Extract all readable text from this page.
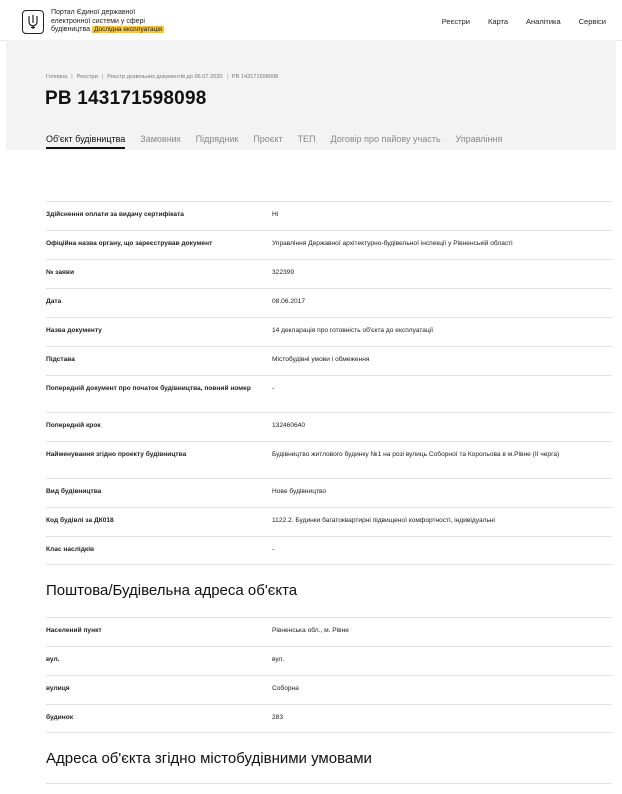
Портал Єдиної державної
електронної системи у сфері
будівництва Дослідна експлуатація
Реєстри Карта Аналітика Сервіси
Головна | Реєстри | Реєстр дозвільних документів до 06.07.2020 | РВ 143171598098
РВ 143171598098
Об'єкт будівництва Замовник Підрядник Проєкт ТЕП Договір про пайову участь Управління
Здійснення оплати за видачу сертифіката	Ні
Офіційна назва органу, що зареєстрував документ	Управління Державної архітектурно-будівельної інспекції у Рівненській області
№ заяви	322399
Дата	08.06.2017
Назва документу	14 декларація про готовність об'єкта до експлуатації
Підстава	Містобудівні умови і обмеження
Попередній документ про початок будівництва, повний номер	-
Попередній крок	132460640
Найменування згідно проекту будівництва	Будівництво житлового будинку №1 на розі вулиць Соборної та Корольова в м.Рівне (ІІ черга)
Вид будівництва	Нове будівництво
Код будівлі за ДК018	1122.2. Будинки багатоквартирні підвищеної комфортності, індивідуальні
Клас наслідків	-
Поштова/Будівельна адреса об'єкта
Населений пункт	Рівненська обл., м. Рівне
вул.	вул.
вулиця	Соборна
будинок	283
Адреса об'єкта згідно містобудівними умовами
